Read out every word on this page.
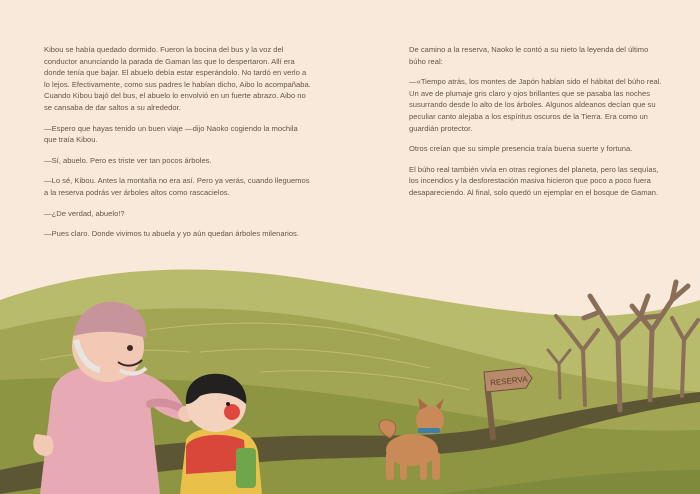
Kibou se había quedado dormido. Fueron la bocina del bus y la voz del conductor anunciando la parada de Gaman las que lo despertaron. Allí era donde tenía que bajar. El abuelo debía estar esperándolo. No tardó en verlo a lo lejos. Efectivamente, como sus padres le habían dicho, Aibo lo acompañaba. Cuando Kibou bajó del bus, el abuelo lo envolvió en un fuerte abrazo. Aibo no se cansaba de dar saltos a su alrededor.

—Espero que hayas tenido un buen viaje —dijo Naoko cogiendo la mochila que traía Kibou.

—Sí, abuelo. Pero es triste ver tan pocos árboles.

—Lo sé, Kibou. Antes la montaña no era así. Pero ya verás, cuando lleguemos a la reserva podrás ver árboles altos como rascacielos.

—¿De verdad, abuelo!?

—Pues claro. Donde vivimos tu abuela y yo aún quedan árboles milenarios.

De camino a la reserva, Naoko le contó a su nieto la leyenda del último búho real:

—«Tiempo atrás, los montes de Japón habían sido el hábitat del búho real. Un ave de plumaje gris claro y ojos brillantes que se pasaba las noches susurrando desde lo alto de los árboles. Algunos aldeanos decían que su peculiar canto alejaba a los espíritus oscuros de la Tierra. Era como un guardián protector.

Otros creían que su simple presencia traía buena suerte y fortuna.

El búho real también vivía en otras regiones del planeta, pero las sequías, los incendios y la desforestación masiva hicieron que poco a poco fuera desapareciendo. Al final, solo quedó un ejemplar en el bosque de Gaman.

RESERVA
